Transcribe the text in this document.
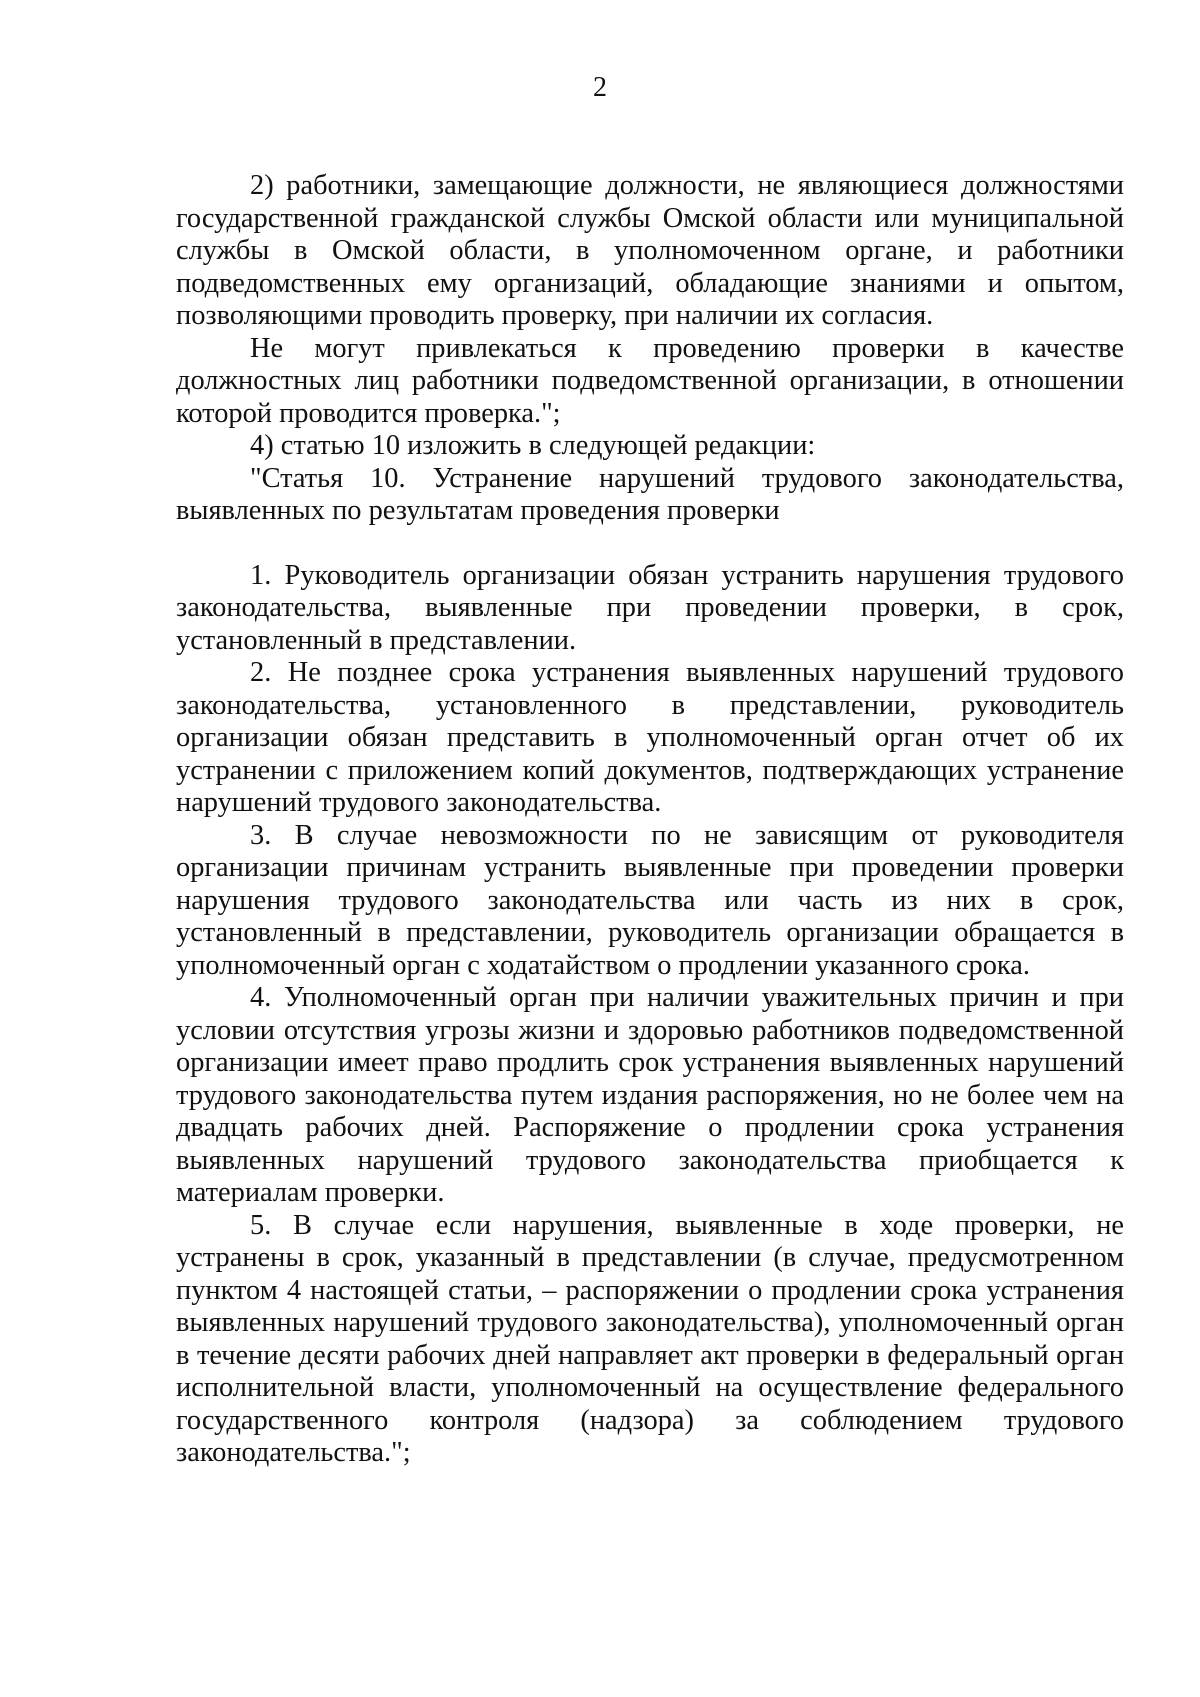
2

2) работники, замещающие должности, не являющиеся должностями государственной гражданской службы Омской области или муниципальной службы в Омской области, в уполномоченном органе, и работники подведомственных ему организаций, обладающие знаниями и опытом, позволяющими проводить проверку, при наличии их согласия.

Не могут привлекаться к проведению проверки в качестве должностных лиц работники подведомственной организации, в отношении которой проводится проверка.";

4) статью 10 изложить в следующей редакции:

"Статья 10. Устранение нарушений трудового законодательства, выявленных по результатам проведения проверки

1. Руководитель организации обязан устранить нарушения трудового законодательства, выявленные при проведении проверки, в срок, установленный в представлении.

2. Не позднее срока устранения выявленных нарушений трудового законодательства, установленного в представлении, руководитель организации обязан представить в уполномоченный орган отчет об их устранении с приложением копий документов, подтверждающих устранение нарушений трудового законодательства.

3. В случае невозможности по не зависящим от руководителя организации причинам устранить выявленные при проведении проверки нарушения трудового законодательства или часть из них в срок, установленный в представлении, руководитель организации обращается в уполномоченный орган с ходатайством о продлении указанного срока.

4. Уполномоченный орган при наличии уважительных причин и при условии отсутствия угрозы жизни и здоровью работников подведомственной организации имеет право продлить срок устранения выявленных нарушений трудового законодательства путем издания распоряжения, но не более чем на двадцать рабочих дней. Распоряжение о продлении срока устранения выявленных нарушений трудового законодательства приобщается к материалам проверки.

5. В случае если нарушения, выявленные в ходе проверки, не устранены в срок, указанный в представлении (в случае, предусмотренном пунктом 4 настоящей статьи, – распоряжении о продлении срока устранения выявленных нарушений трудового законодательства), уполномоченный орган в течение десяти рабочих дней направляет акт проверки в федеральный орган исполнительной власти, уполномоченный на осуществление федерального государственного контроля (надзора) за соблюдением трудового законодательства.";
